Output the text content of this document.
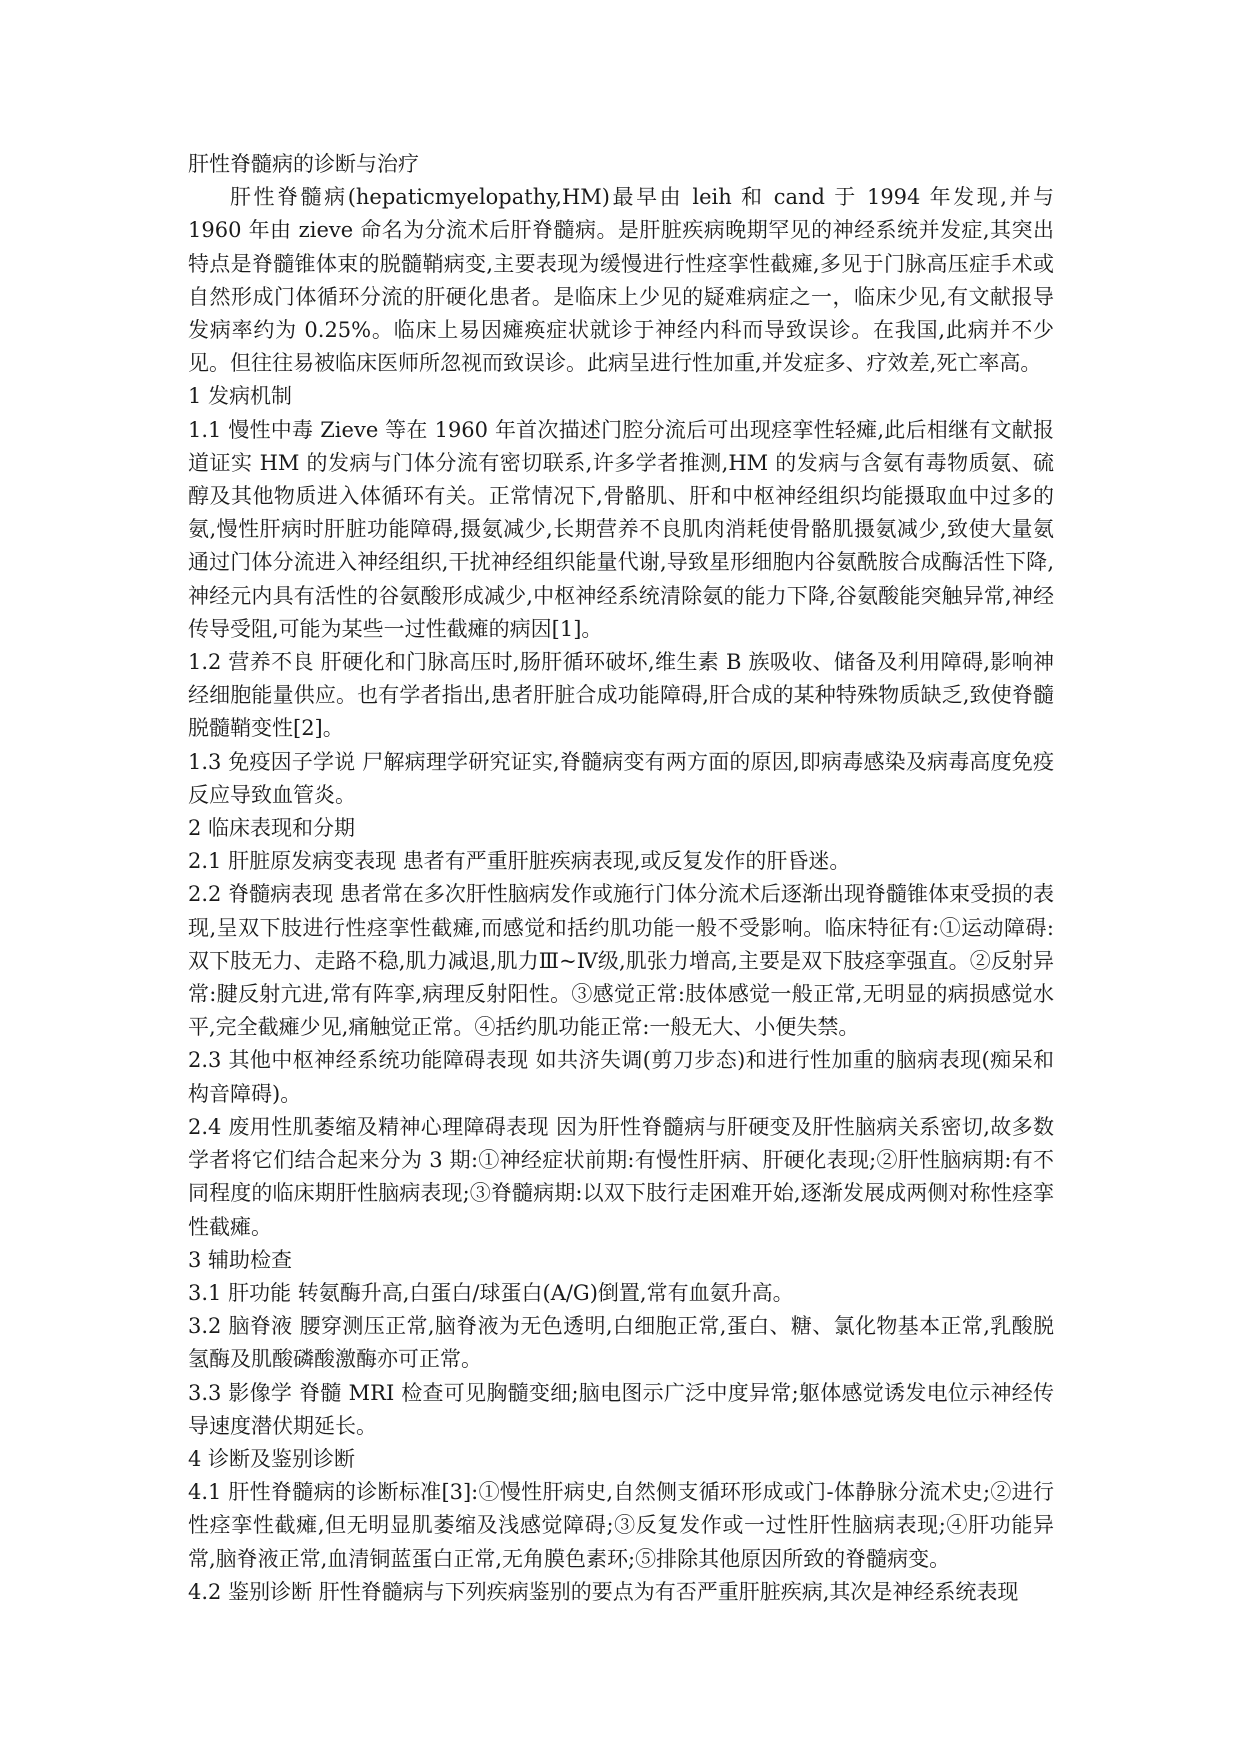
肝性脊髓病的诊断与治疗

肝性脊髓病(hepaticmyelopathy,HM)最早由 leih 和 cand 于 1994 年发现,并与 1960 年由 zieve 命名为分流术后肝脊髓病。是肝脏疾病晚期罕见的神经系统并发症,其突出特点是脊髓锥体束的脱髓鞘病变,主要表现为缓慢进行性痉挛性截瘫,多见于门脉高压症手术或自然形成门体循环分流的肝硬化患者。是临床上少见的疑难病症之一，临床少见,有文献报导发病率约为 0.25%。临床上易因瘫痪症状就诊于神经内科而导致误诊。在我国,此病并不少见。但往往易被临床医师所忽视而致误诊。此病呈进行性加重,并发症多、疗效差,死亡率高。

1 发病机制

1.1 慢性中毒 Zieve 等在 1960 年首次描述门腔分流后可出现痉挛性轻瘫,此后相继有文献报道证实 HM 的发病与门体分流有密切联系,许多学者推测,HM 的发病与含氨有毒物质氨、硫醇及其他物质进入体循环有关。正常情况下,骨骼肌、肝和中枢神经组织均能摄取血中过多的氨,慢性肝病时肝脏功能障碍,摄氨减少,长期营养不良肌肉消耗使骨骼肌摄氨减少,致使大量氨通过门体分流进入神经组织,干扰神经组织能量代谢,导致星形细胞内谷氨酰胺合成酶活性下降,神经元内具有活性的谷氨酸形成减少,中枢神经系统清除氨的能力下降,谷氨酸能突触异常,神经传导受阻,可能为某些一过性截瘫的病因[1]。

1.2 营养不良 肝硬化和门脉高压时,肠肝循环破坏,维生素 B 族吸收、储备及利用障碍,影响神经细胞能量供应。也有学者指出,患者肝脏合成功能障碍,肝合成的某种特殊物质缺乏,致使脊髓脱髓鞘变性[2]。

1.3 免疫因子学说 尸解病理学研究证实,脊髓病变有两方面的原因,即病毒感染及病毒高度免疫反应导致血管炎。

2 临床表现和分期

2.1 肝脏原发病变表现 患者有严重肝脏疾病表现,或反复发作的肝昏迷。

2.2 脊髓病表现 患者常在多次肝性脑病发作或施行门体分流术后逐渐出现脊髓锥体束受损的表现,呈双下肢进行性痉挛性截瘫,而感觉和括约肌功能一般不受影响。临床特征有:①运动障碍:双下肢无力、走路不稳,肌力减退,肌力Ⅲ~Ⅳ级,肌张力增高,主要是双下肢痉挛强直。②反射异常:腱反射亢进,常有阵挛,病理反射阳性。③感觉正常:肢体感觉一般正常,无明显的病损感觉水平,完全截瘫少见,痛触觉正常。④括约肌功能正常:一般无大、小便失禁。

2.3 其他中枢神经系统功能障碍表现 如共济失调(剪刀步态)和进行性加重的脑病表现(痴呆和构音障碍)。

2.4 废用性肌萎缩及精神心理障碍表现 因为肝性脊髓病与肝硬变及肝性脑病关系密切,故多数学者将它们结合起来分为 3 期:①神经症状前期:有慢性肝病、肝硬化表现;②肝性脑病期:有不同程度的临床期肝性脑病表现;③脊髓病期:以双下肢行走困难开始,逐渐发展成两侧对称性痉挛性截瘫。

3 辅助检查

3.1 肝功能 转氨酶升高,白蛋白/球蛋白(A/G)倒置,常有血氨升高。

3.2 脑脊液 腰穿测压正常,脑脊液为无色透明,白细胞正常,蛋白、糖、氯化物基本正常,乳酸脱氢酶及肌酸磷酸激酶亦可正常。

3.3 影像学 脊髓 MRI 检查可见胸髓变细;脑电图示广泛中度异常;躯体感觉诱发电位示神经传导速度潜伏期延长。

4 诊断及鉴别诊断

4.1 肝性脊髓病的诊断标准[3]:①慢性肝病史,自然侧支循环形成或门-体静脉分流术史;②进行性痉挛性截瘫,但无明显肌萎缩及浅感觉障碍;③反复发作或一过性肝性脑病表现;④肝功能异常,脑脊液正常,血清铜蓝蛋白正常,无角膜色素环;⑤排除其他原因所致的脊髓病变。

4.2 鉴别诊断 肝性脊髓病与下列疾病鉴别的要点为有否严重肝脏疾病,其次是神经系统表现
